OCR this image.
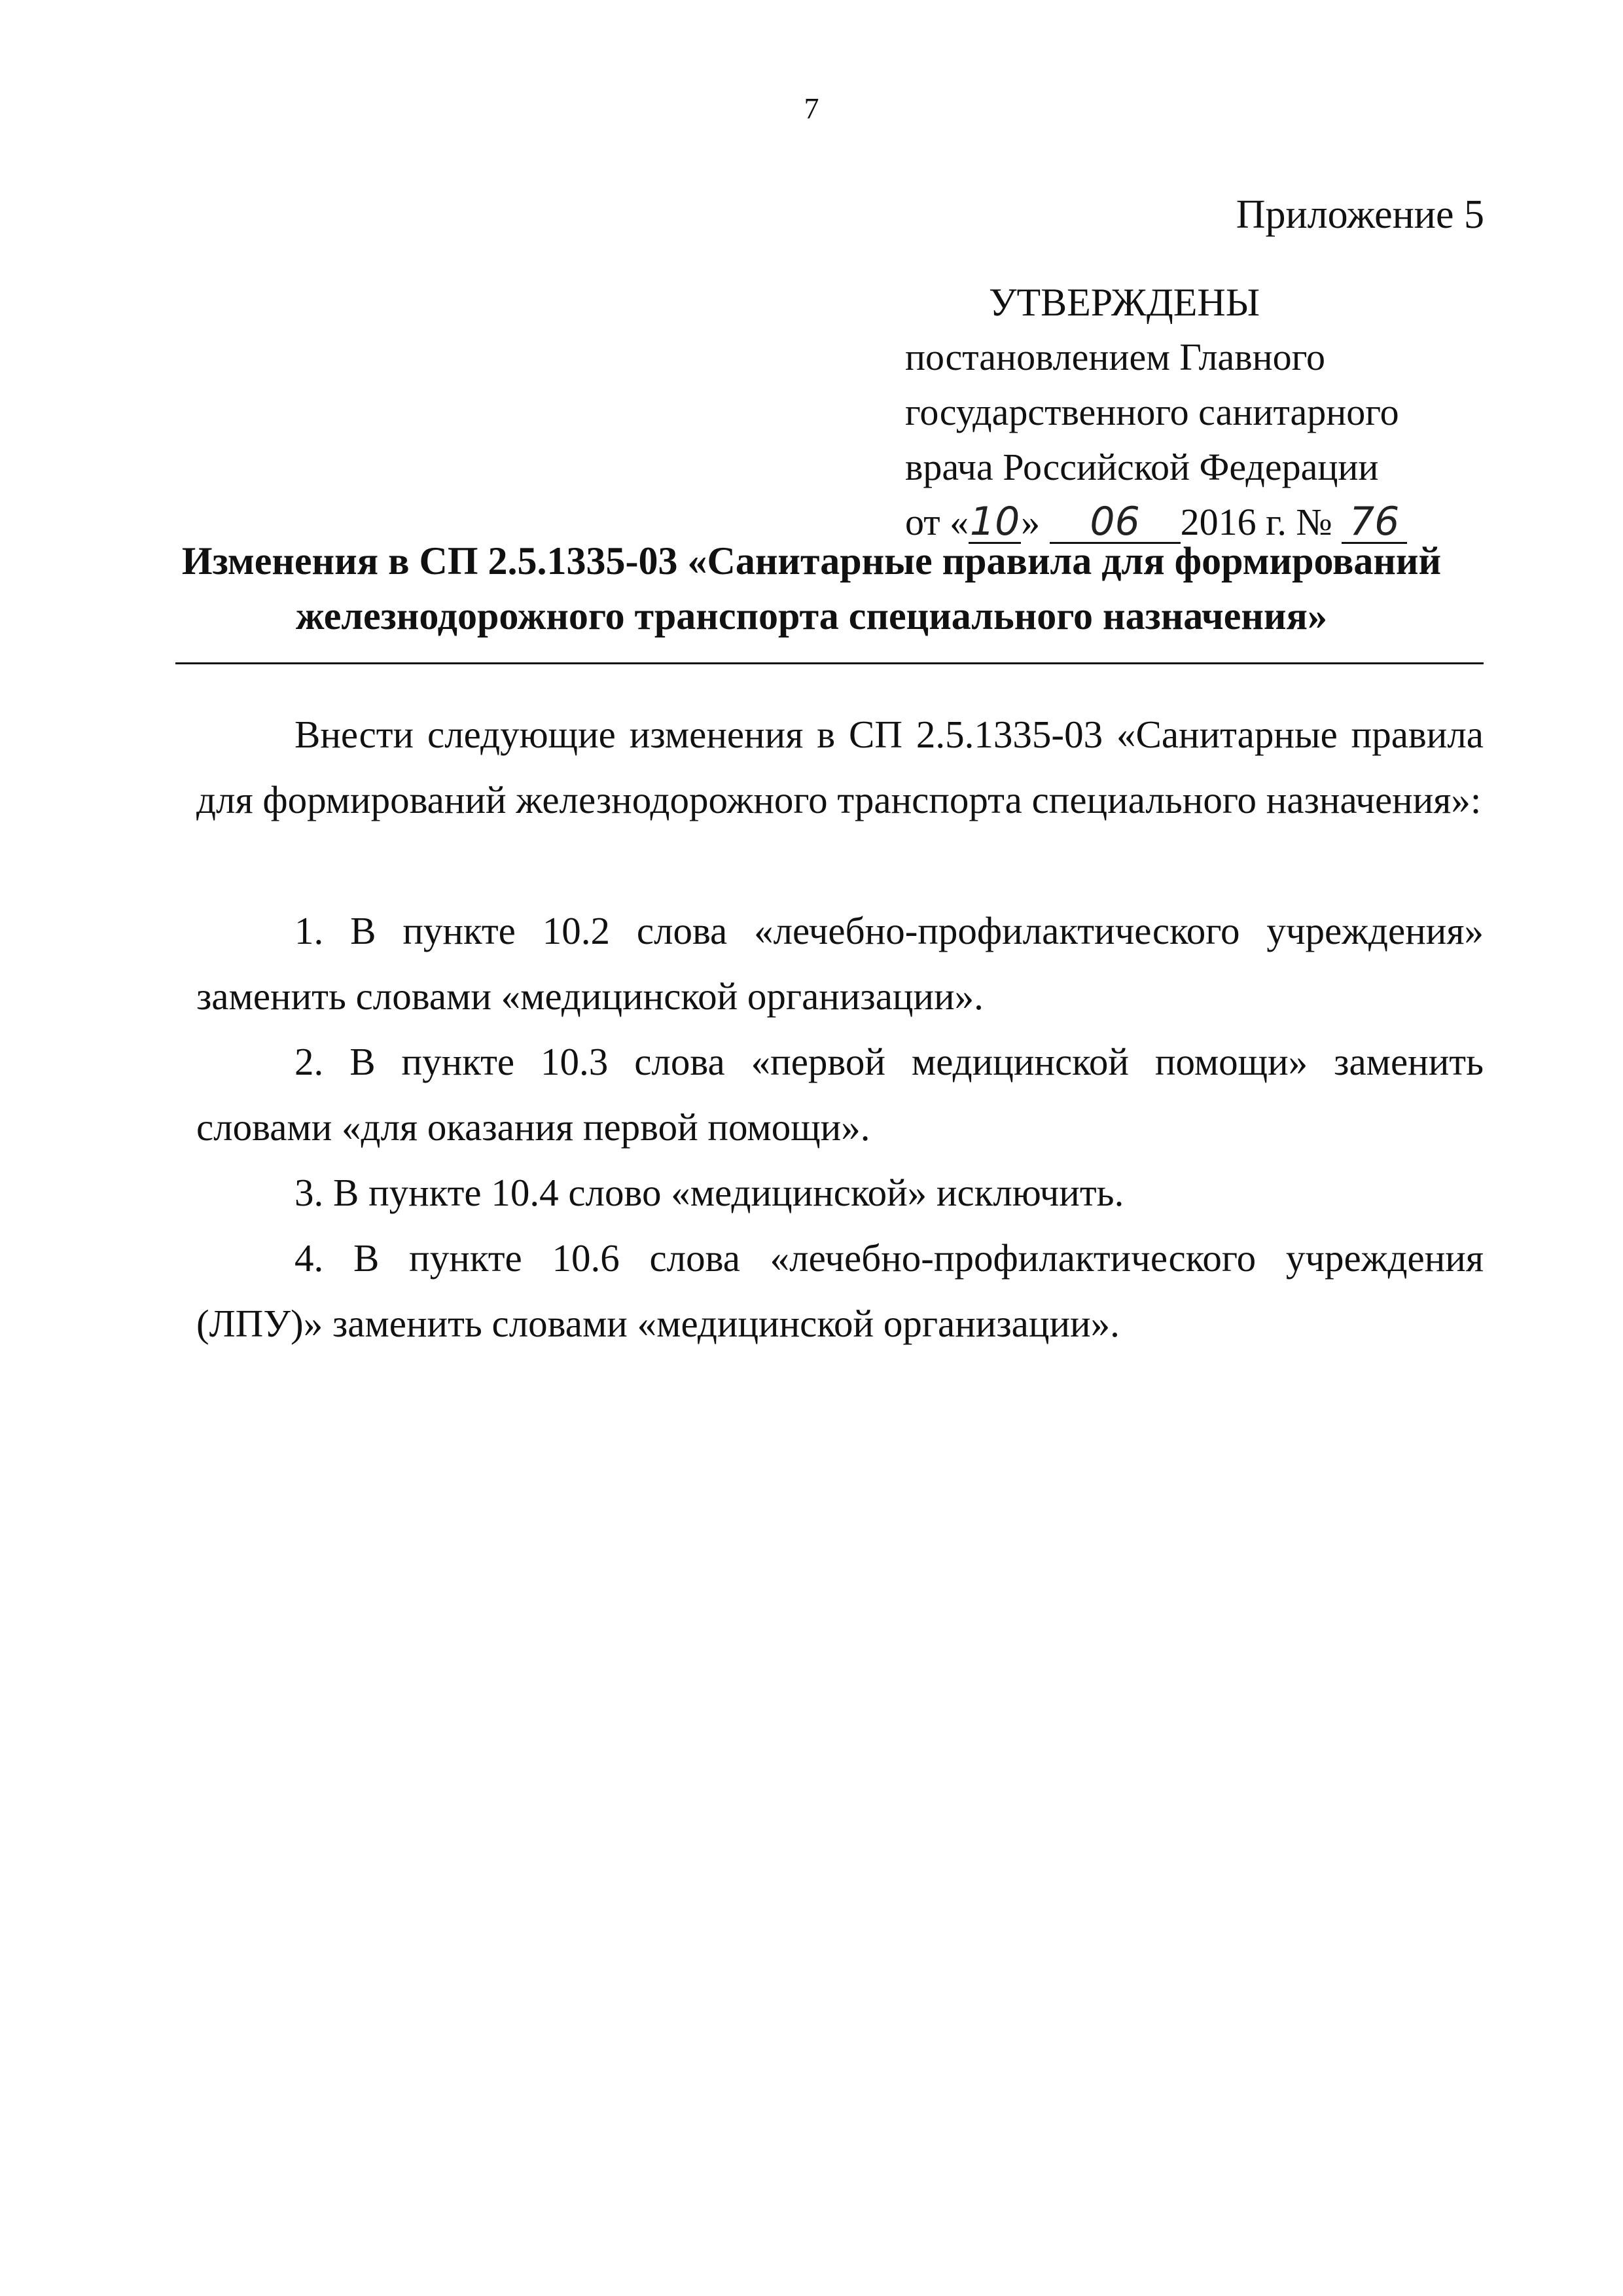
7
Приложение 5
УТВЕРЖДЕНЫ
постановлением Главного
государственного санитарного
врача Российской Федерации
от «10» 06 2016 г. № 76
Изменения в СП 2.5.1335-03 «Санитарные правила для формирований железнодорожного транспорта специального назначения»

Внести следующие изменения в СП 2.5.1335-03 «Санитарные правила для формирований железнодорожного транспорта специального назначения»:

1. В пункте 10.2 слова «лечебно-профилактического учреждения» заменить словами «медицинской организации».

2. В пункте 10.3 слова «первой медицинской помощи» заменить словами «для оказания первой помощи».

3. В пункте 10.4 слово «медицинской» исключить.

4. В пункте 10.6 слова «лечебно-профилактического учреждения (ЛПУ)» заменить словами «медицинской организации».
